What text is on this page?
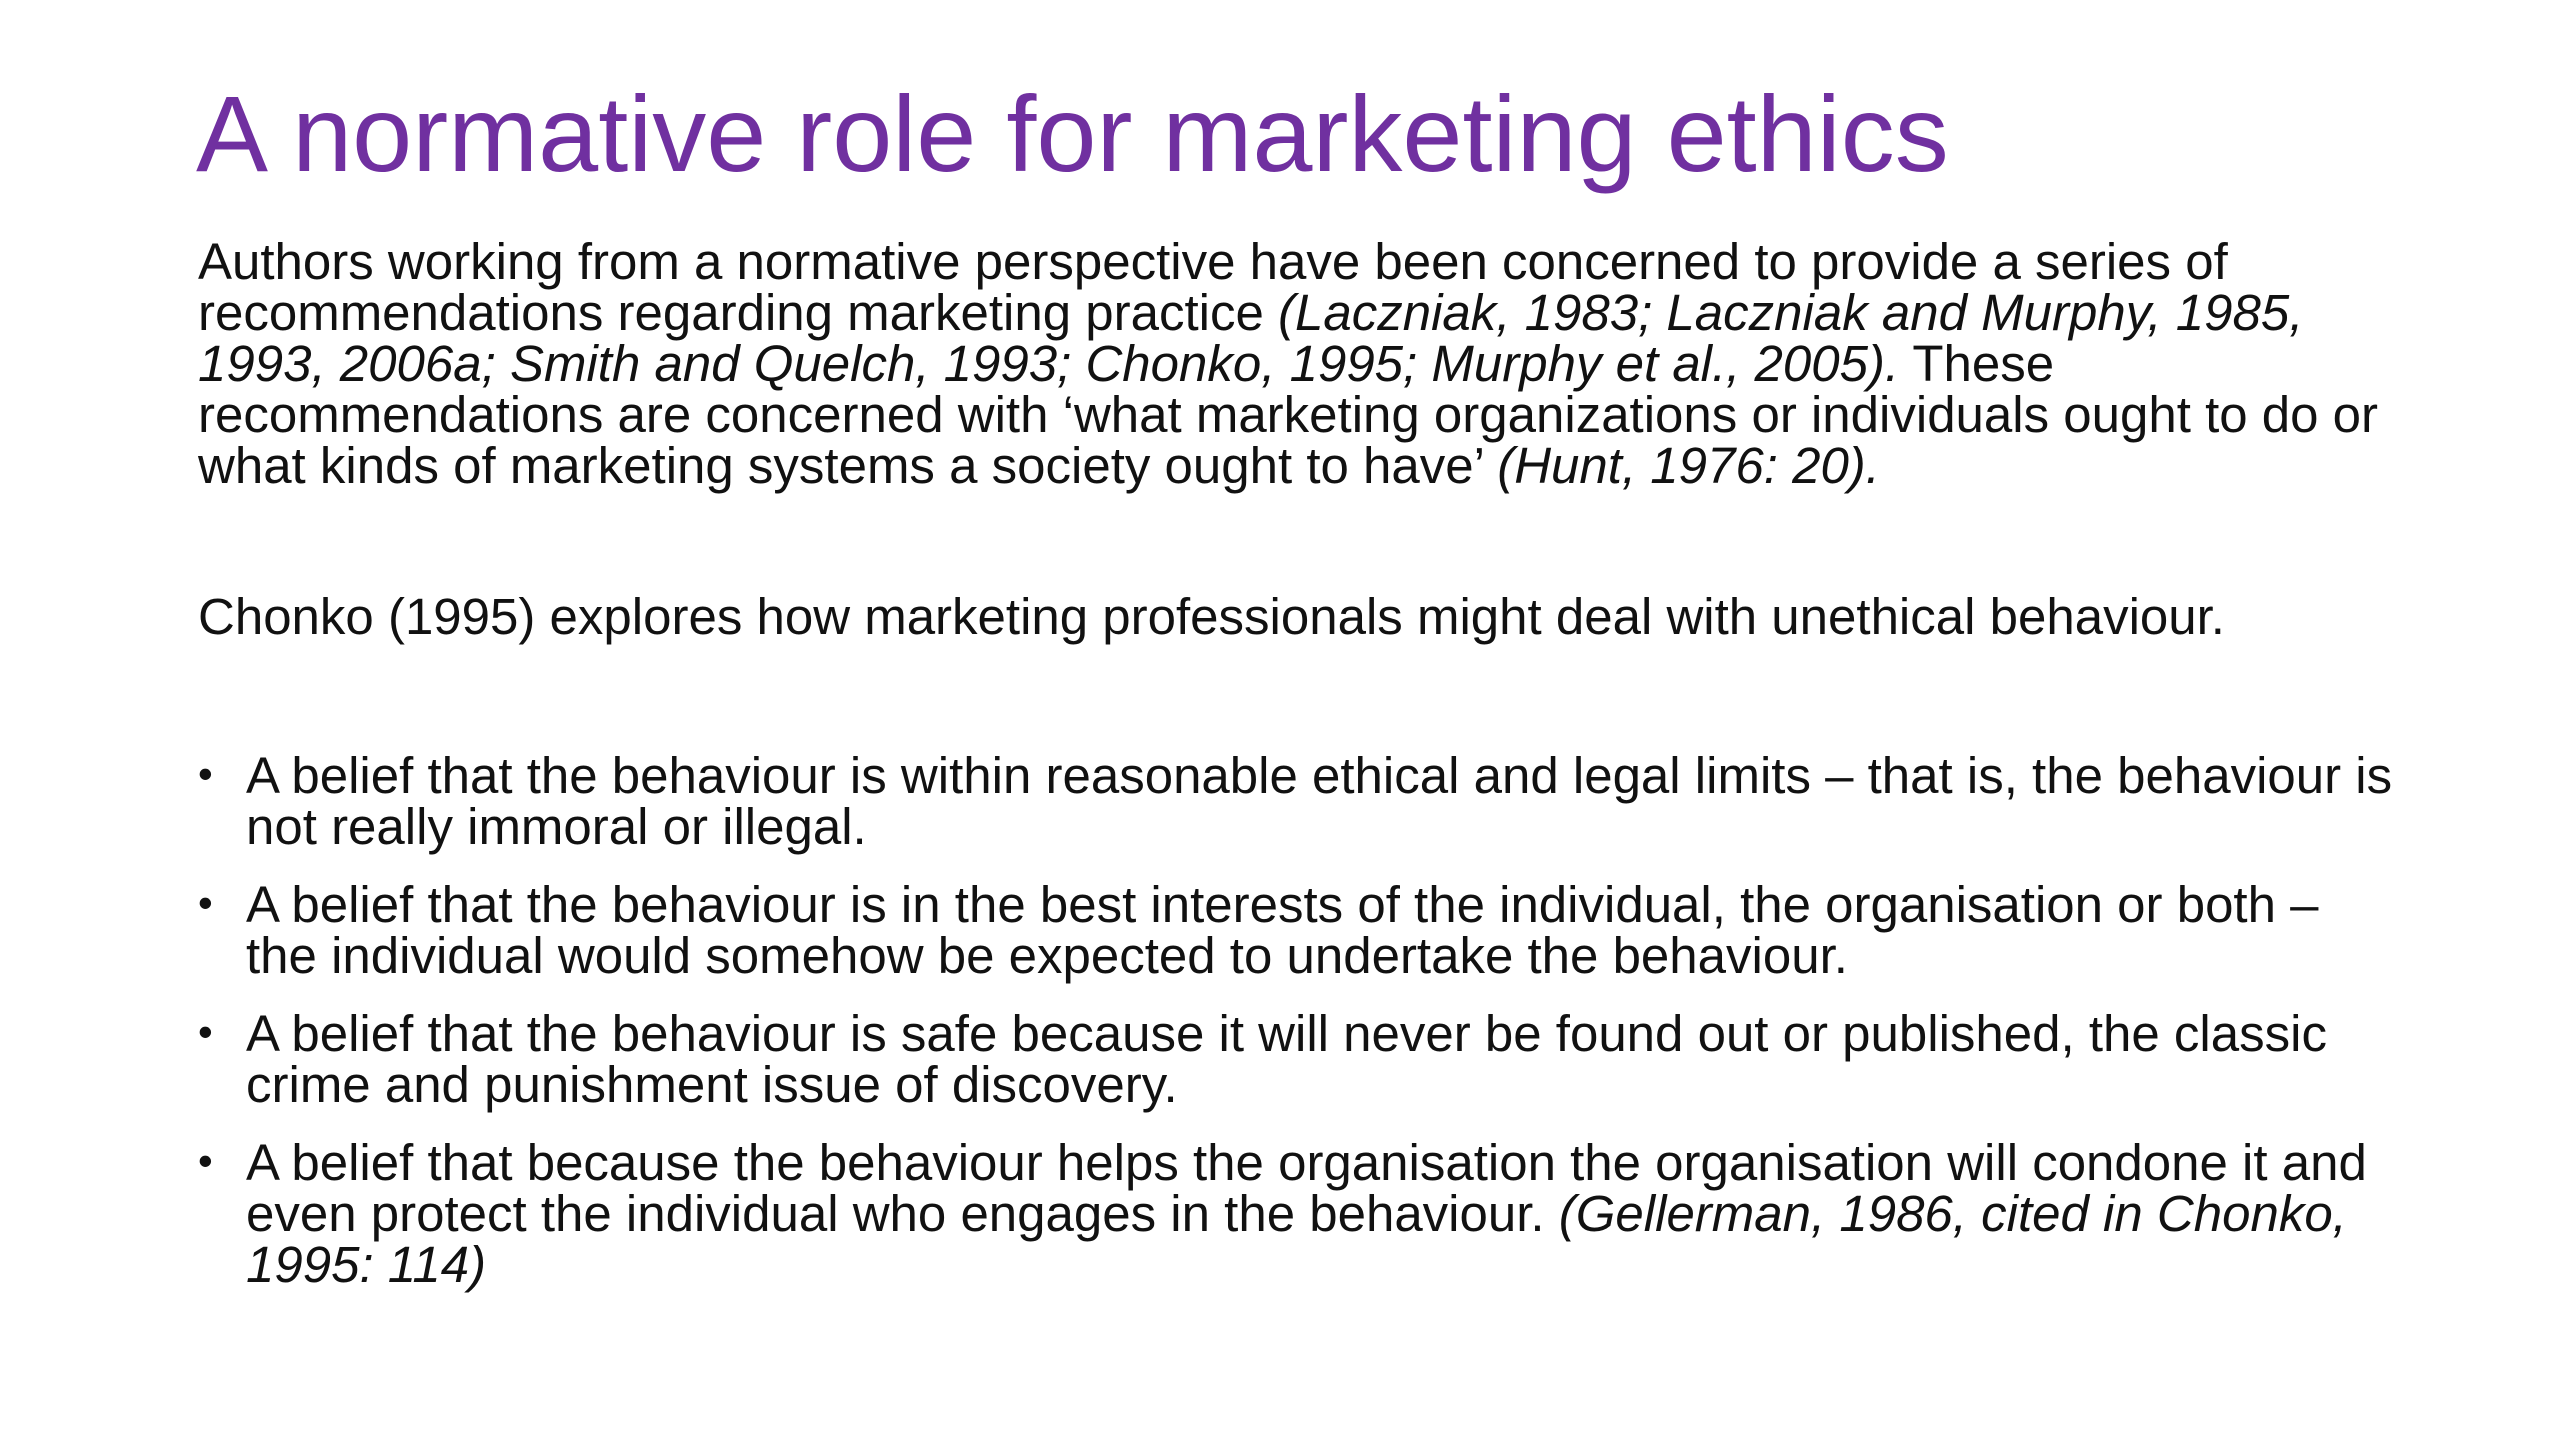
A normative role for marketing ethics

Authors working from a normative perspective have been concerned to provide a series of recommendations regarding marketing practice (Laczniak, 1983; Laczniak and Murphy, 1985, 1993, 2006a; Smith and Quelch, 1993; Chonko, 1995; Murphy et al., 2005). These recommendations are concerned with ‘what marketing organizations or individuals ought to do or what kinds of marketing systems a society ought to have’ (Hunt, 1976: 20).

Chonko (1995) explores how marketing professionals might deal with unethical behaviour.

• A belief that the behaviour is within reasonable ethical and legal limits – that is, the behaviour is not really immoral or illegal.
• A belief that the behaviour is in the best interests of the individual, the organisation or both – the individual would somehow be expected to undertake the behaviour.
• A belief that the behaviour is safe because it will never be found out or published, the classic crime and punishment issue of discovery.
• A belief that because the behaviour helps the organisation the organisation will condone it and even protect the individual who engages in the behaviour. (Gellerman, 1986, cited in Chonko, 1995: 114)
